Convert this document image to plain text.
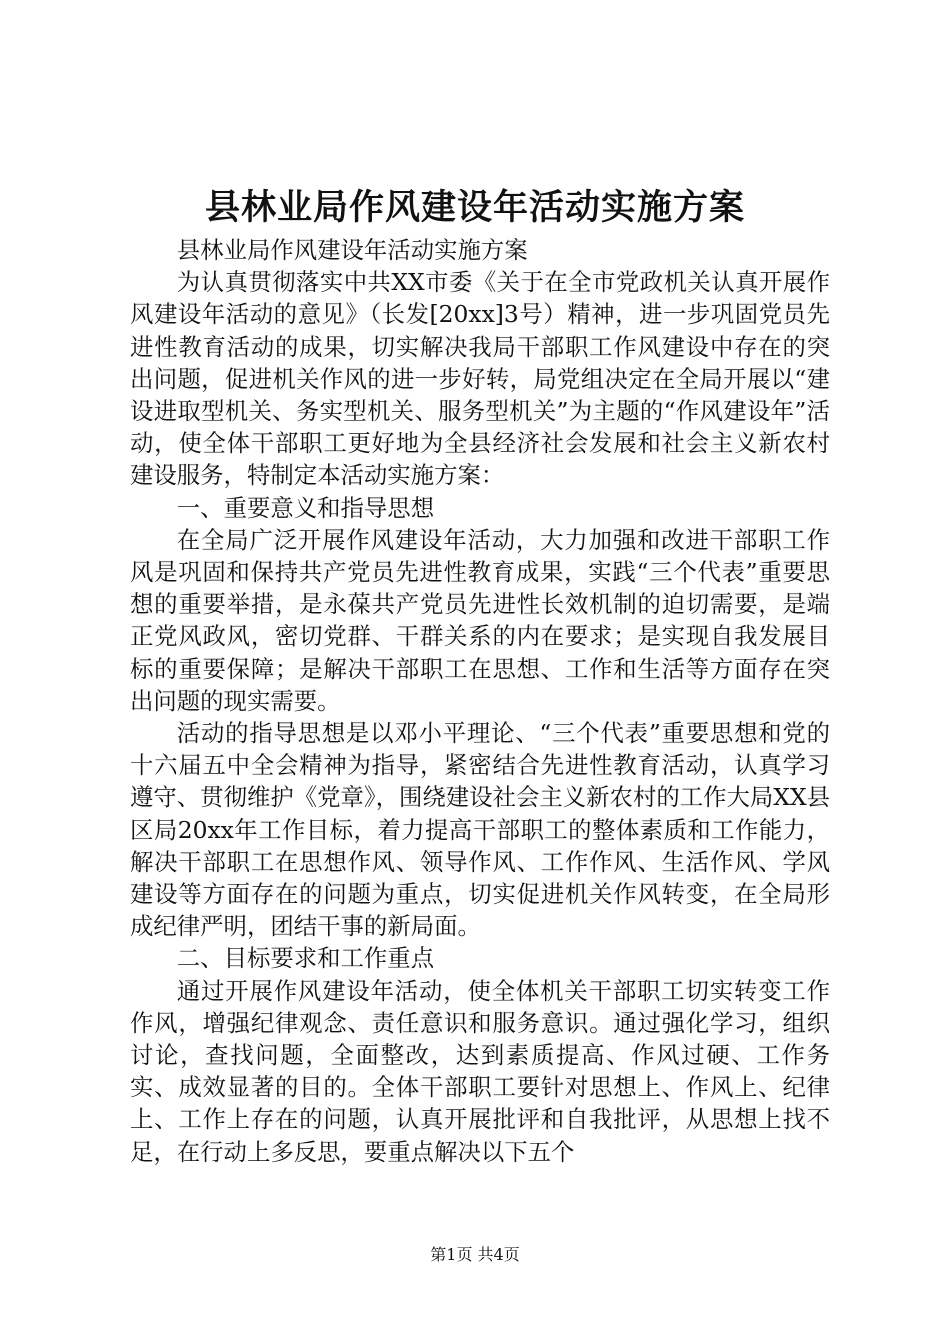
县林业局作风建设年活动实施方案

县林业局作风建设年活动实施方案

为认真贯彻落实中共XX市委《关于在全市党政机关认真开展作风建设年活动的意见》（长发[20xx]3号）精神，进一步巩固党员先进性教育活动的成果，切实解决我局干部职工作风建设中存在的突出问题，促进机关作风的进一步好转，局党组决定在全局开展以“建设进取型机关、务实型机关、服务型机关”为主题的“作风建设年”活动，使全体干部职工更好地为全县经济社会发展和社会主义新农村建设服务，特制定本活动实施方案：

一、重要意义和指导思想

在全局广泛开展作风建设年活动，大力加强和改进干部职工作风是巩固和保持共产党员先进性教育成果，实践“三个代表”重要思想的重要举措，是永葆共产党员先进性长效机制的迫切需要，是端正党风政风，密切党群、干群关系的内在要求；是实现自我发展目标的重要保障；是解决干部职工在思想、工作和生活等方面存在突出问题的现实需要。

活动的指导思想是以邓小平理论、“三个代表”重要思想和党的十六届五中全会精神为指导，紧密结合先进性教育活动，认真学习遵守、贯彻维护《党章》，围绕建设社会主义新农村的工作大局XX县区局20xx年工作目标，着力提高干部职工的整体素质和工作能力，解决干部职工在思想作风、领导作风、工作作风、生活作风、学风建设等方面存在的问题为重点，切实促进机关作风转变，在全局形成纪律严明，团结干事的新局面。

二、目标要求和工作重点

通过开展作风建设年活动，使全体机关干部职工切实转变工作作风，增强纪律观念、责任意识和服务意识。通过强化学习，组织讨论，查找问题，全面整改，达到素质提高、作风过硬、工作务实、成效显著的目的。全体干部职工要针对思想上、作风上、纪律上、工作上存在的问题，认真开展批评和自我批评，从思想上找不足，在行动上多反思，要重点解决以下五个

第1页 共4页
